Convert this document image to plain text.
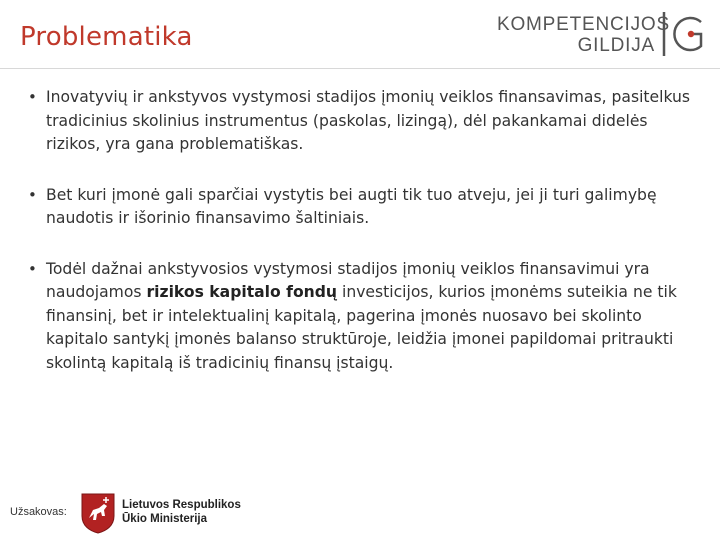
Problematika	KOMPETENCIJOS
GILDIJA
• Inovatyvių ir ankstyvos vystymosi stadijos įmonių veiklos finansavimas, pasitelkus tradicinius skolinius instrumentus (paskolas, lizingą), dėl pakankamai didelės rizikos, yra gana problematiškas.
• Bet kuri įmonė gali sparčiai vystytis bei augti tik tuo atveju, jei ji turi galimybę naudotis ir išorinio finansavimo šaltiniais.
• Todėl dažnai ankstyvosios vystymosi stadijos įmonių veiklos finansavimui yra naudojamos rizikos kapitalo fondų investicijos, kurios įmonėms suteikia ne tik finansinį, bet ir intelektualinį kapitalą, pagerina įmonės nuosavo bei skolinto kapitalo santykį įmonės balanso struktūroje, leidžia įmonei papildomai pritraukti skolintą kapitalą iš tradicinių finansų įstaigų.
Užsakovas:
Lietuvos Respublikos
Ūkio Ministerija
